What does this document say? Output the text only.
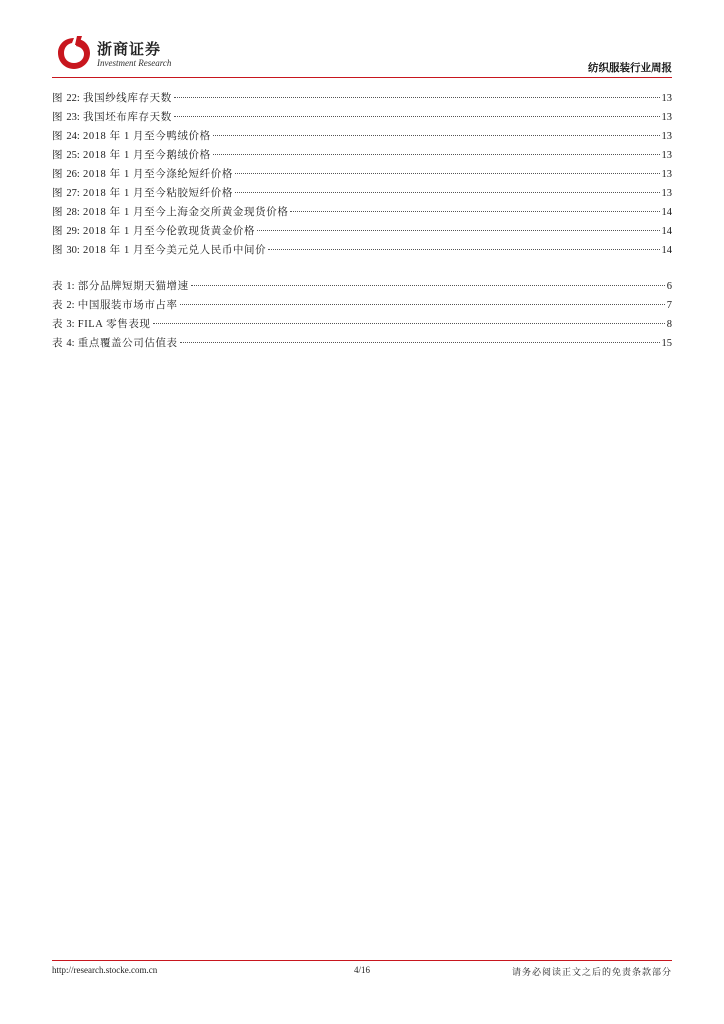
浙商证券
Investment Research	纺织服装行业周报
图 22: 我国纱线库存天数	13
图 23: 我国坯布库存天数	13
图 24: 2018 年 1 月至今鸭绒价格	13
图 25: 2018 年 1 月至今鹅绒价格	13
图 26: 2018 年 1 月至今涤纶短纤价格	13
图 27: 2018 年 1 月至今粘胶短纤价格	13
图 28: 2018 年 1 月至今上海金交所黄金现货价格	14
图 29: 2018 年 1 月至今伦敦现货黄金价格	14
图 30: 2018 年 1 月至今美元兑人民币中间价	14
表 1: 部分品牌短期天猫增速	6
表 2: 中国服装市场市占率	7
表 3: FILA 零售表现	8
表 4: 重点覆盖公司估值表	15
http://research.stocke.com.cn	4/16	请务必阅读正文之后的免责条款部分
